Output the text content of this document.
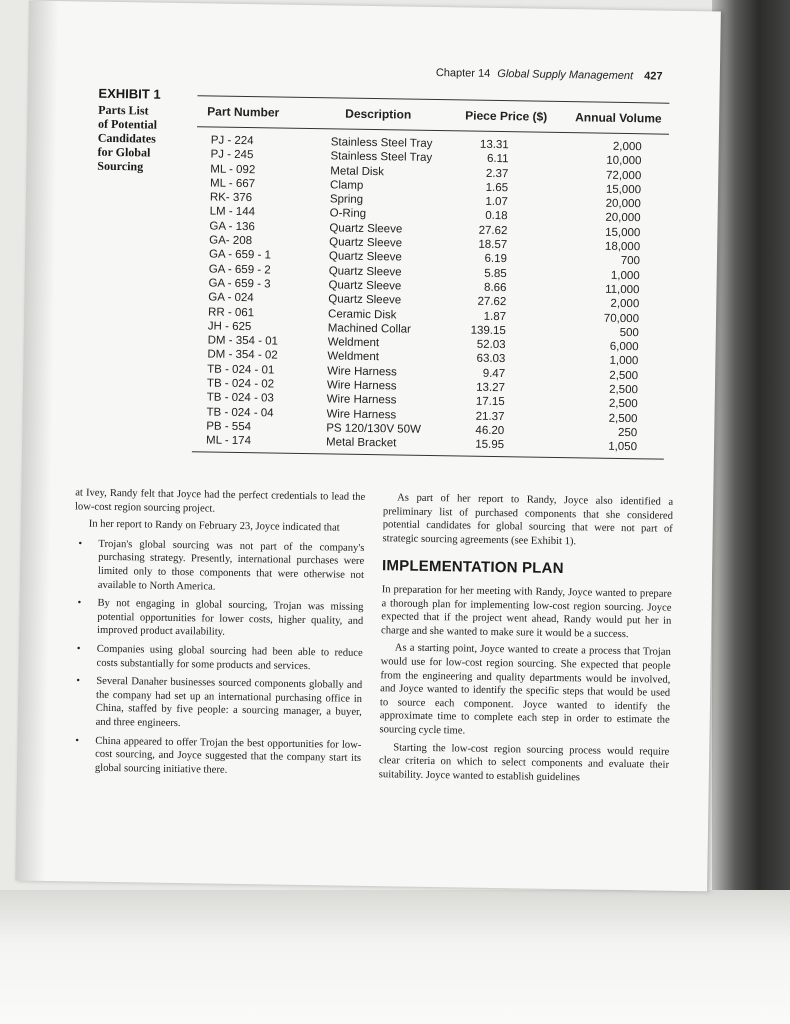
Chapter 14 Global Supply Management 427
EXHIBIT 1
Parts List
of Potential
Candidates
for Global
Sourcing
Part Number	Description	Piece Price ($) Annual Volume
PJ - 224
PJ - 245
ML - 092
ML - 667
RK- 376
LM - 144
GA - 136
GA- 208
GA - 659 - 1
GA - 659 - 2
GA - 659 - 3
GA - 024
RR - 061
JH - 625
DM - 354 - 01
DM - 354 - 02
TB - 024 - 01
TB - 024 - 02
TB - 024 - 03
TB - 024 - 04
PB - 554
ML - 174
Stainless Steel Tray
Stainless Steel Tray
Metal Disk
Clamp
Spring
O-Ring
Quartz Sleeve
Quartz Sleeve
Quartz Sleeve
Quartz Sleeve
Quartz Sleeve
Quartz Sleeve
Ceramic Disk
Machined Collar
Weldment
Weldment
Wire Harness
Wire Harness
Wire Harness
Wire Harness
PS 120/130V 50W
Metal Bracket
13.31
6.11
2.37
1.65
1.07
0.18
27.62
18.57
6.19
5.85
8.66
27.62
1.87
139.15
52.03
63.03
9.47
13.27
17.15
21.37
46.20
15.95
2,000
10,000
72,000
15,000
20,000
20,000
15,000
18,000
700
1,000
11,000
2,000
70,000
500
6,000
1,000
2,500
2,500
2,500
2,500
250
1,050

at Ivey, Randy felt that Joyce had the perfect credentials to lead the low-cost region sourcing project.

In her report to Randy on February 23, Joyce indicated that

• Trojan's global sourcing was not part of the company's purchasing strategy. Presently, international purchases were limited only to those components that were otherwise not available to North America.
• By not engaging in global sourcing, Trojan was missing potential opportunities for lower costs, higher quality, and improved product availability.
• Companies using global sourcing had been able to reduce costs substantially for some products and services.
• Several Danaher businesses sourced components globally and the company had set up an international purchasing office in China, staffed by five people: a sourcing manager, a buyer, and three engineers.
• China appeared to offer Trojan the best opportunities for low-cost sourcing, and Joyce suggested that the company start its global sourcing initiative there.

As part of her report to Randy, Joyce also identified a preliminary list of purchased components that she considered potential candidates for global sourcing that were not part of strategic sourcing agreements (see Exhibit 1).

IMPLEMENTATION PLAN

In preparation for her meeting with Randy, Joyce wanted to prepare a thorough plan for implementing low-cost region sourcing. Joyce expected that if the project went ahead, Randy would put her in charge and she wanted to make sure it would be a success.

As a starting point, Joyce wanted to create a process that Trojan would use for low-cost region sourcing. She expected that people from the engineering and quality departments would be involved, and Joyce wanted to identify the specific steps that would be used to source each component. Joyce wanted to identify the approximate time to complete each step in order to estimate the sourcing cycle time.

Starting the low-cost region sourcing process would require clear criteria on which to select components and evaluate their suitability. Joyce wanted to establish guidelines
